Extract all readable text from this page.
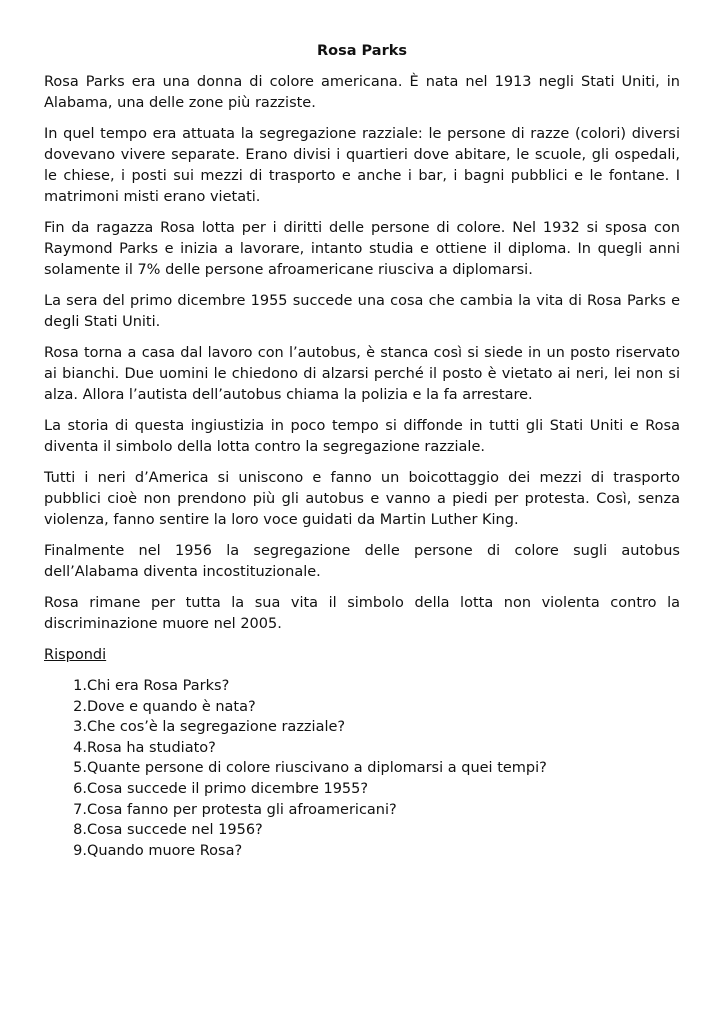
Rosa Parks

Rosa Parks era una donna di colore americana. È nata nel 1913 negli Stati Uniti, in Alabama, una delle zone più razziste.

In quel tempo era attuata la segregazione razziale: le persone di razze (colori) diversi dovevano vivere separate. Erano divisi i quartieri dove abitare, le scuole, gli ospedali, le chiese, i posti sui mezzi di trasporto e anche i bar, i bagni pubblici e le fontane. I matrimoni misti erano vietati.

Fin da ragazza Rosa lotta per i diritti delle persone di colore. Nel 1932 si sposa con Raymond Parks e inizia a lavorare, intanto studia e ottiene il diploma. In quegli anni solamente il 7% delle persone afroamericane riusciva a diplomarsi.

La sera del primo dicembre 1955 succede una cosa che cambia la vita di Rosa Parks e degli Stati Uniti.

Rosa torna a casa dal lavoro con l’autobus, è stanca così si siede in un posto riservato ai bianchi. Due uomini le chiedono di alzarsi perché il posto è vietato ai neri, lei non si alza. Allora l’autista dell’autobus chiama la polizia e la fa arrestare.

La storia di questa ingiustizia in poco tempo si diffonde in tutti gli Stati Uniti e Rosa diventa il simbolo della lotta contro la segregazione razziale.

Tutti i neri d’America si uniscono e fanno un boicottaggio dei mezzi di trasporto pubblici cioè non prendono più gli autobus e vanno a piedi per protesta. Così, senza violenza, fanno sentire la loro voce guidati da Martin Luther King.

Finalmente nel 1956 la segregazione delle persone di colore sugli autobus dell’Alabama diventa incostituzionale.

Rosa rimane per tutta la sua vita il simbolo della lotta non violenta contro la discriminazione muore nel 2005.

Rispondi
1. Chi era Rosa Parks?
2. Dove e quando è nata?
3. Che cos’è la segregazione razziale?
4. Rosa ha studiato?
5. Quante persone di colore riuscivano a diplomarsi a quei tempi?
6. Cosa succede il primo dicembre 1955?
7. Cosa fanno per protesta gli afroamericani?
8. Cosa succede nel 1956?
9. Quando muore Rosa?
